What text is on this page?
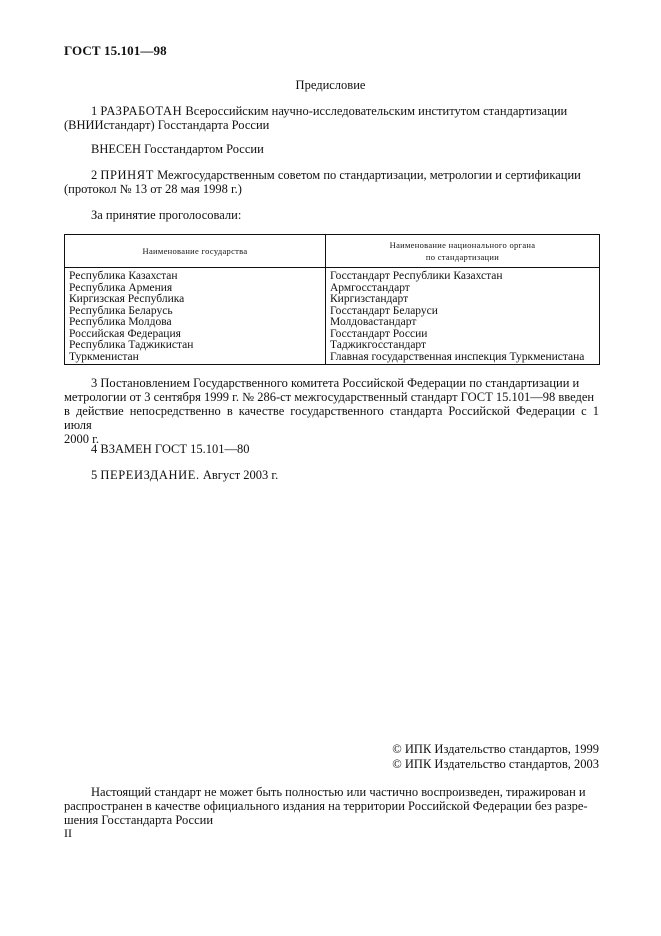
ГОСТ 15.101—98
Предисловие
1 РАЗРАБОТАН Всероссийским научно-исследовательским институтом стандартизации
(ВНИИстандарт) Госстандарта России
ВНЕСЕН Госстандартом России
2 ПРИНЯТ Межгосударственным советом по стандартизации, метрологии и сертификации
(протокол № 13 от 28 мая 1998 г.)
За принятие проголосовали:
Наименование государства	Наименование национального органа
по стандартизации
Республика Казахстан	Госстандарт Республики Казахстан
Республика Армения	Армгосстандарт
Киргизская Республика	Киргизстандарт
Республика Беларусь	Госстандарт Беларуси
Республика Молдова	Молдовастандарт
Российская Федерация	Госстандарт России
Республика Таджикистан	Таджикгосстандарт
Туркменистан	Главная государственная инспекция Туркменистана
3 Постановлением Государственного комитета Российской Федерации по стандартизации и
метрологии от 3 сентября 1999 г. № 286-ст межгосударственный стандарт ГОСТ 15.101—98 введен
в действие непосредственно в качестве государственного стандарта Российской Федерации с 1 июля
2000 г.
4 ВЗАМЕН ГОСТ 15.101—80
5 ПЕРЕИЗДАНИЕ. Август 2003 г.
© ИПК Издательство стандартов, 1999
© ИПК Издательство стандартов, 2003
Настоящий стандарт не может быть полностью или частично воспроизведен, тиражирован и
распространен в качестве официального издания на территории Российской Федерации без разре-
шения Госстандарта России
II
